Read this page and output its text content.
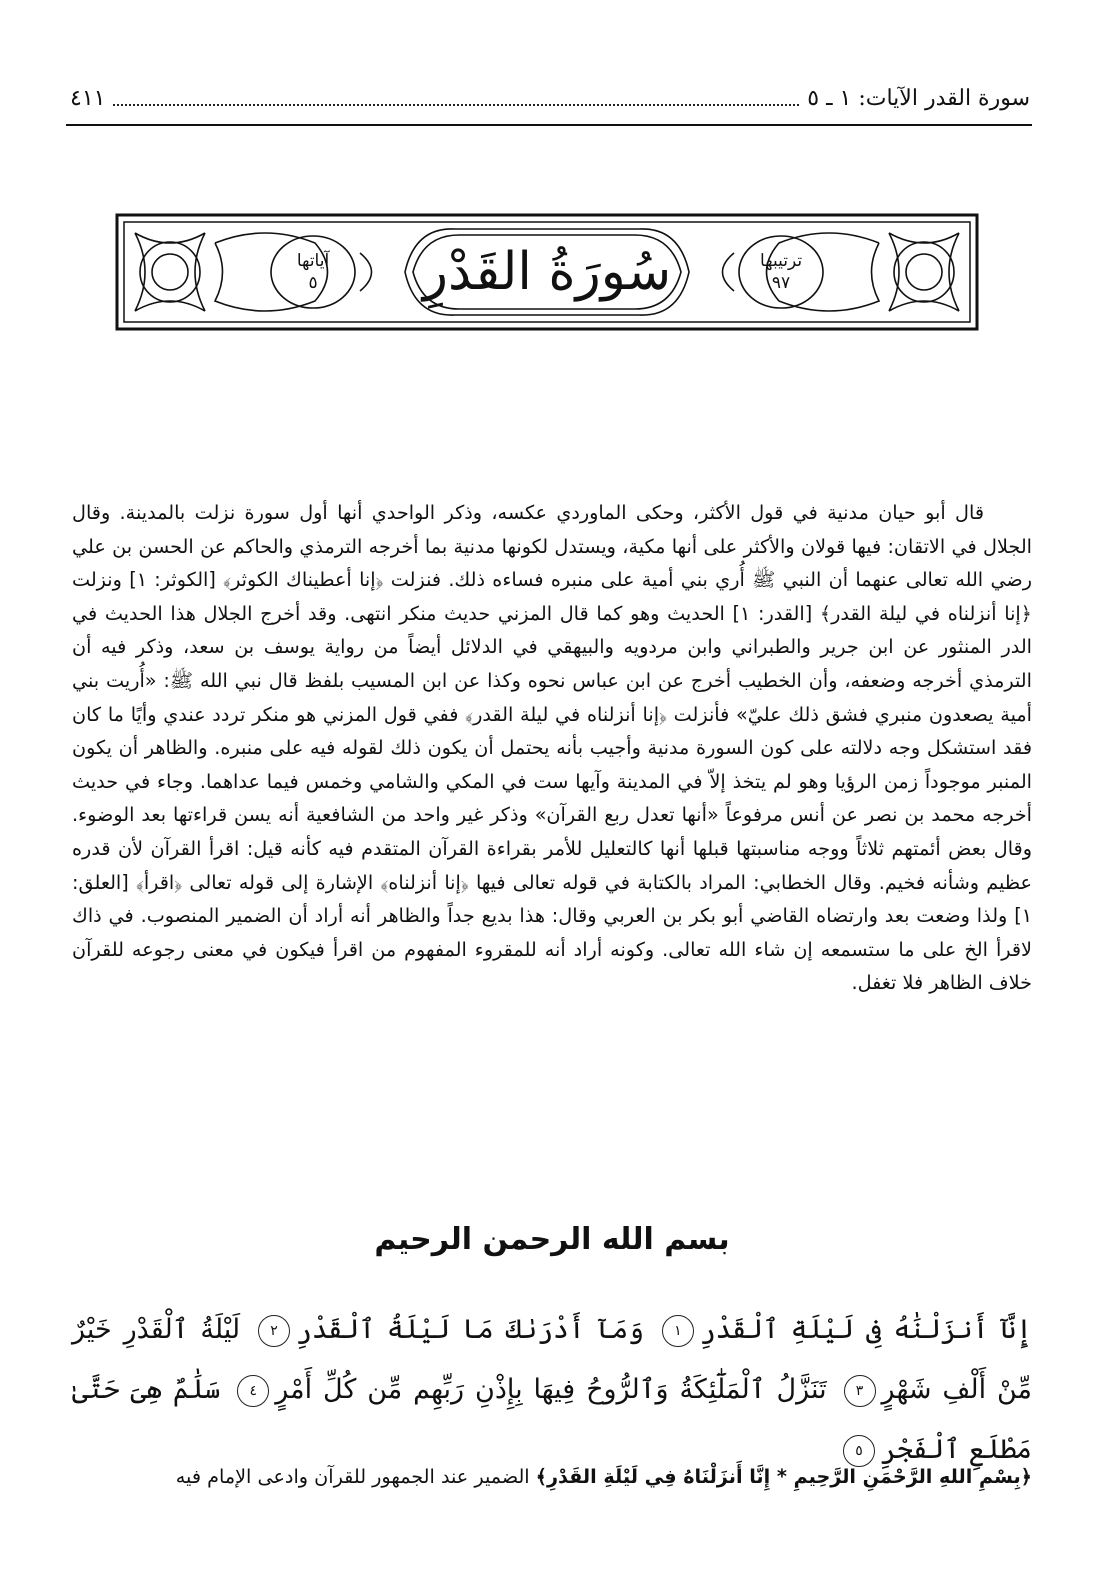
سورة القدر الآيات: ١ ـ ٥
٤١١
سُورَةُ القَدْرِ
آياتها
٥
ترتيبها
٩٧

قال أبو حيان مدنية في قول الأكثر، وحكى الماوردي عكسه، وذكر الواحدي أنها أول سورة نزلت بالمدينة. وقال الجلال في الاتقان: فيها قولان والأكثر على أنها مكية، ويستدل لكونها مدنية بما أخرجه الترمذي والحاكم عن الحسن بن علي رضي الله تعالى عنهما أن النبي ﷺ أُري بني أمية على منبره فساءه ذلك. فنزلت ﴿إنا أعطيناك الكوثر﴾ [الكوثر: ١] ونزلت ﴿إنا أنزلناه في ليلة القدر﴾ [القدر: ١] الحديث وهو كما قال المزني حديث منكر انتهى. وقد أخرج الجلال هذا الحديث في الدر المنثور عن ابن جرير والطبراني وابن مردويه والبيهقي في الدلائل أيضاً من رواية يوسف بن سعد، وذكر فيه أن الترمذي أخرجه وضعفه، وأن الخطيب أخرج عن ابن عباس نحوه وكذا عن ابن المسيب بلفظ قال نبي الله ﷺ: «أُريت بني أمية يصعدون منبري فشق ذلك عليّ» فأنزلت ﴿إنا أنزلناه في ليلة القدر﴾ ففي قول المزني هو منكر تردد عندي وأيًا ما كان فقد استشكل وجه دلالته على كون السورة مدنية وأجيب بأنه يحتمل أن يكون ذلك لقوله فيه على منبره. والظاهر أن يكون المنبر موجوداً زمن الرؤيا وهو لم يتخذ إلاّ في المدينة وآيها ست في المكي والشامي وخمس فيما عداهما. وجاء في حديث أخرجه محمد بن نصر عن أنس مرفوعاً «أنها تعدل ربع القرآن» وذكر غير واحد من الشافعية أنه يسن قراءتها بعد الوضوء. وقال بعض أئمتهم ثلاثاً ووجه مناسبتها قبلها أنها كالتعليل للأمر بقراءة القرآن المتقدم فيه كأنه قيل: اقرأ القرآن لأن قدره عظيم وشأنه فخيم. وقال الخطابي: المراد بالكتابة في قوله تعالى فيها ﴿إنا أنزلناه﴾ الإشارة إلى قوله تعالى ﴿اقرأ﴾ [العلق: ١] ولذا وضعت بعد وارتضاه القاضي أبو بكر بن العربي وقال: هذا بديع جداً والظاهر أنه أراد أن الضمير المنصوب. في ذاك لاقرأ الخ على ما ستسمعه إن شاء الله تعالى. وكونه أراد أنه للمقروء المفهوم من اقرأ فيكون في معنى رجوعه للقرآن خلاف الظاهر فلا تغفل.

بسم الله الرحمن الرحيم
إِنَّآ أَنزَلْنَٰهُ فِى لَيْلَةِ ٱلْقَدْرِ١ وَمَآ أَدْرَىٰكَ مَا لَيْلَةُ ٱلْقَدْرِ٢ لَيْلَةُ ٱلْقَدْرِ خَيْرٌ مِّنْ أَلْفِ شَهْرٍ٣ تَنَزَّلُ ٱلْمَلَٰٓئِكَةُ وَٱلرُّوحُ فِيهَا بِإِذْنِ رَبِّهِم مِّن كُلِّ أَمْرٍ٤ سَلَٰمٌ هِىَ حَتَّىٰ مَطْلَعِ ٱلْفَجْرِ٥
﴿بِسْمِ اللهِ الرَّحْمَنِ الرَّحِيمِ * إِنَّا أَنزَلْنَاهُ فِي لَيْلَةِ القَدْرِ﴾ الضمير عند الجمهور للقرآن وادعى الإمام فيه
